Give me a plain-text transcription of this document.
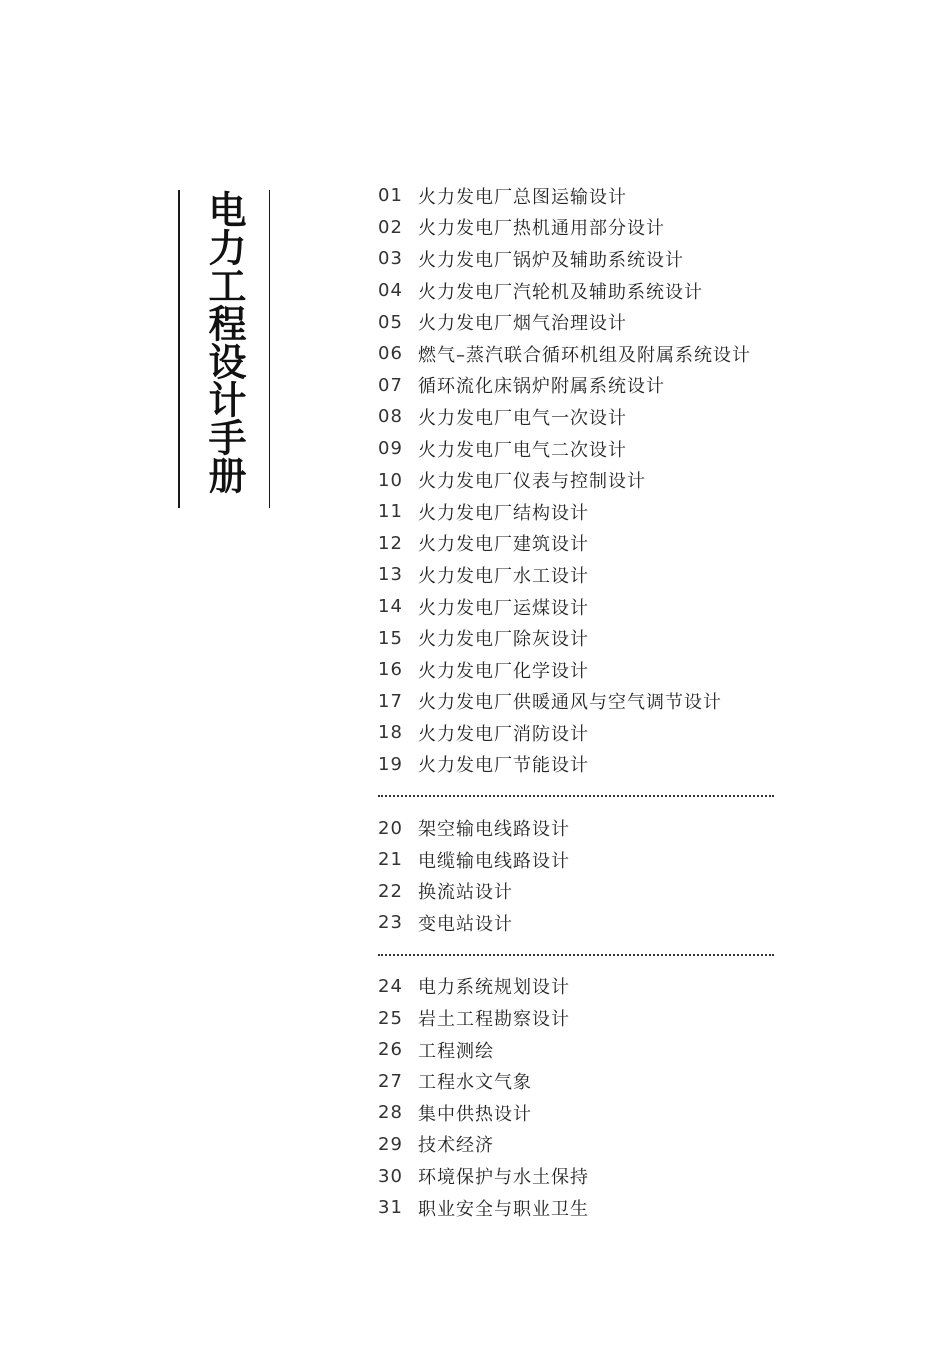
电力工程设计手册	01 火力发电厂总图运输设计
02 火力发电厂热机通用部分设计
03 火力发电厂锅炉及辅助系统设计
04 火力发电厂汽轮机及辅助系统设计
05 火力发电厂烟气治理设计
06 燃气–蒸汽联合循环机组及附属系统设计
07 循环流化床锅炉附属系统设计
08 火力发电厂电气一次设计
09 火力发电厂电气二次设计
10 火力发电厂仪表与控制设计
11 火力发电厂结构设计
12 火力发电厂建筑设计
13 火力发电厂水工设计
14 火力发电厂运煤设计
15 火力发电厂除灰设计
16 火力发电厂化学设计
17 火力发电厂供暖通风与空气调节设计
18 火力发电厂消防设计
19 火力发电厂节能设计
20 架空输电线路设计
21 电缆输电线路设计
22 换流站设计
23 变电站设计
24 电力系统规划设计
25 岩土工程勘察设计
26 工程测绘
27 工程水文气象
28 集中供热设计
29 技术经济
30 环境保护与水土保持
31 职业安全与职业卫生
